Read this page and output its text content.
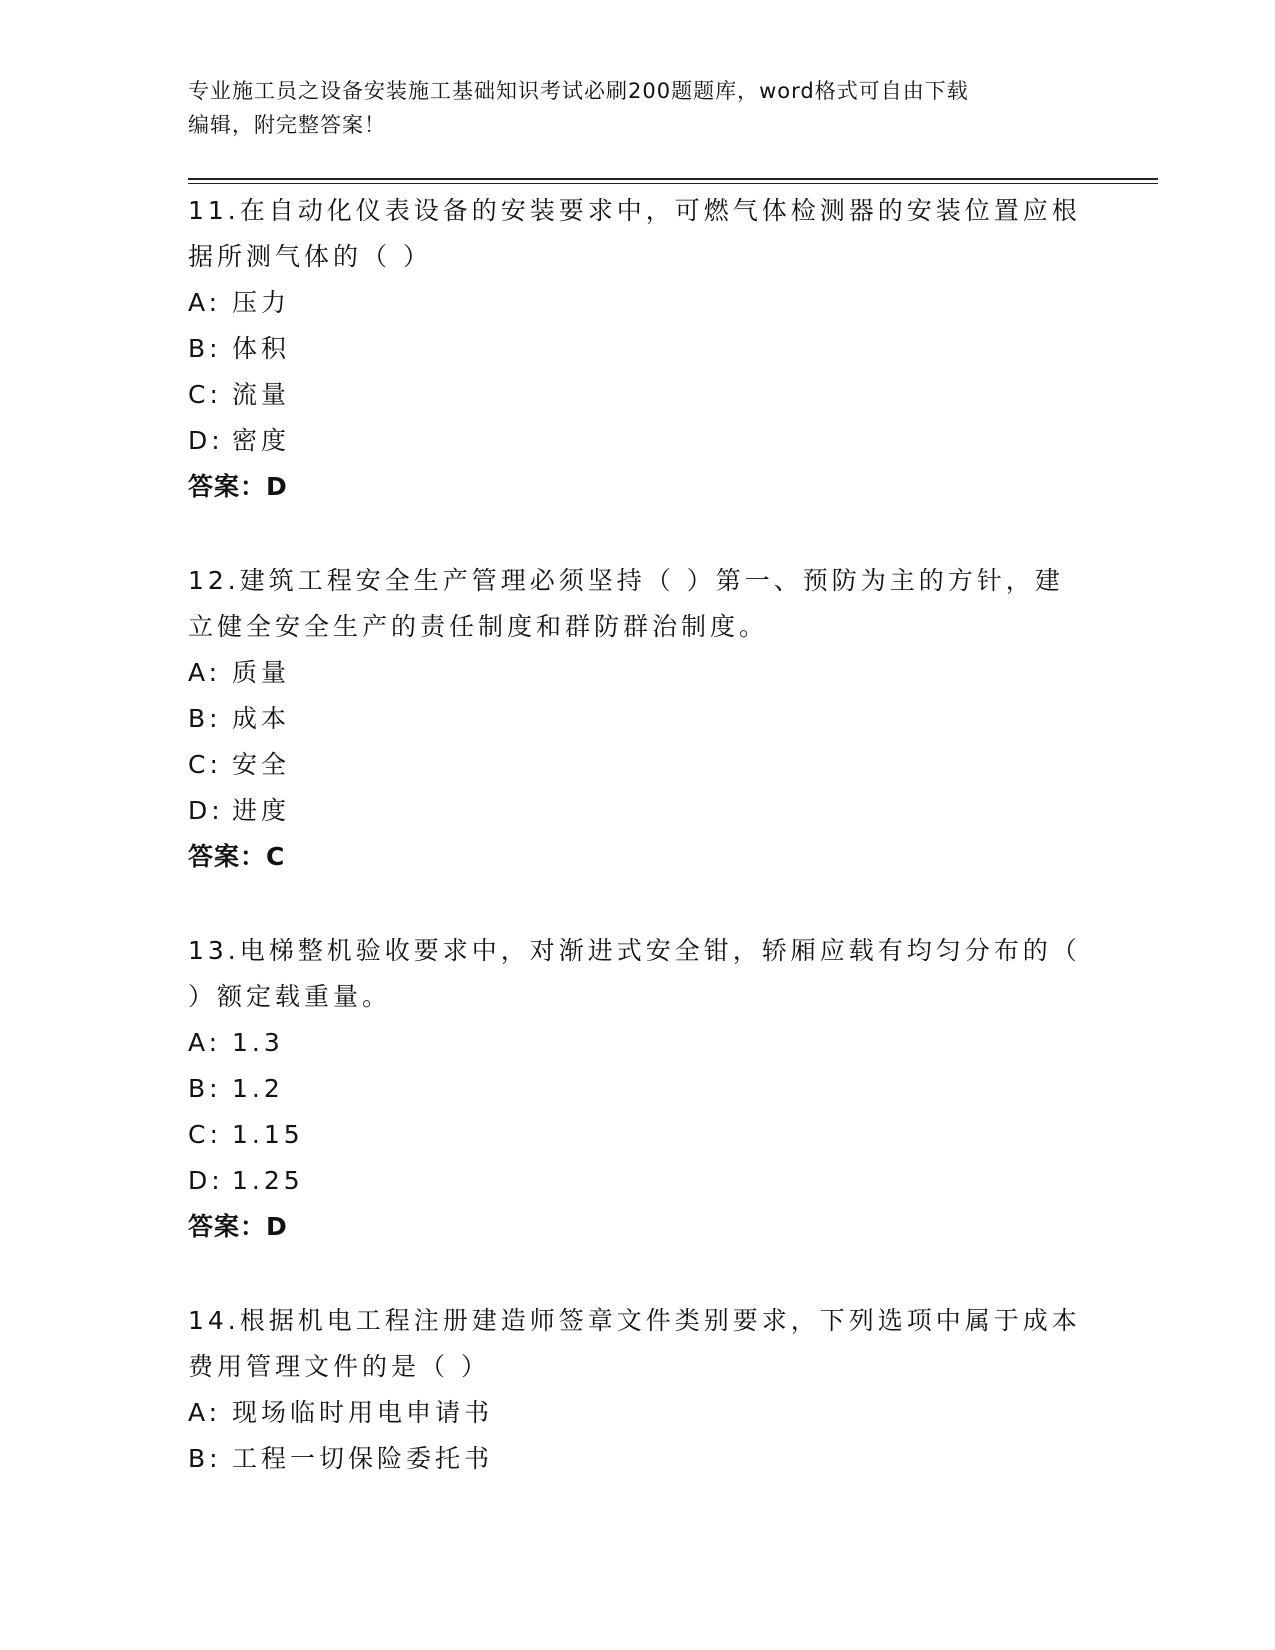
专业施工员之设备安装施工基础知识考试必刷200题题库，word格式可自由下载
编辑，附完整答案！

11.在自动化仪表设备的安装要求中，可燃气体检测器的安装位置应根

据所测气体的（ ）

A: 压力

B: 体积

C: 流量

D: 密度

答案：D

12.建筑工程安全生产管理必须坚持（ ）第一、预防为主的方针，建

立健全安全生产的责任制度和群防群治制度。

A: 质量

B: 成本

C: 安全

D: 进度

答案：C

13.电梯整机验收要求中，对渐进式安全钳，轿厢应载有均匀分布的（

）额定载重量。

A: 1.3

B: 1.2

C: 1.15

D: 1.25

答案：D

14.根据机电工程注册建造师签章文件类别要求，下列选项中属于成本

费用管理文件的是（ ）

A: 现场临时用电申请书

B: 工程一切保险委托书
